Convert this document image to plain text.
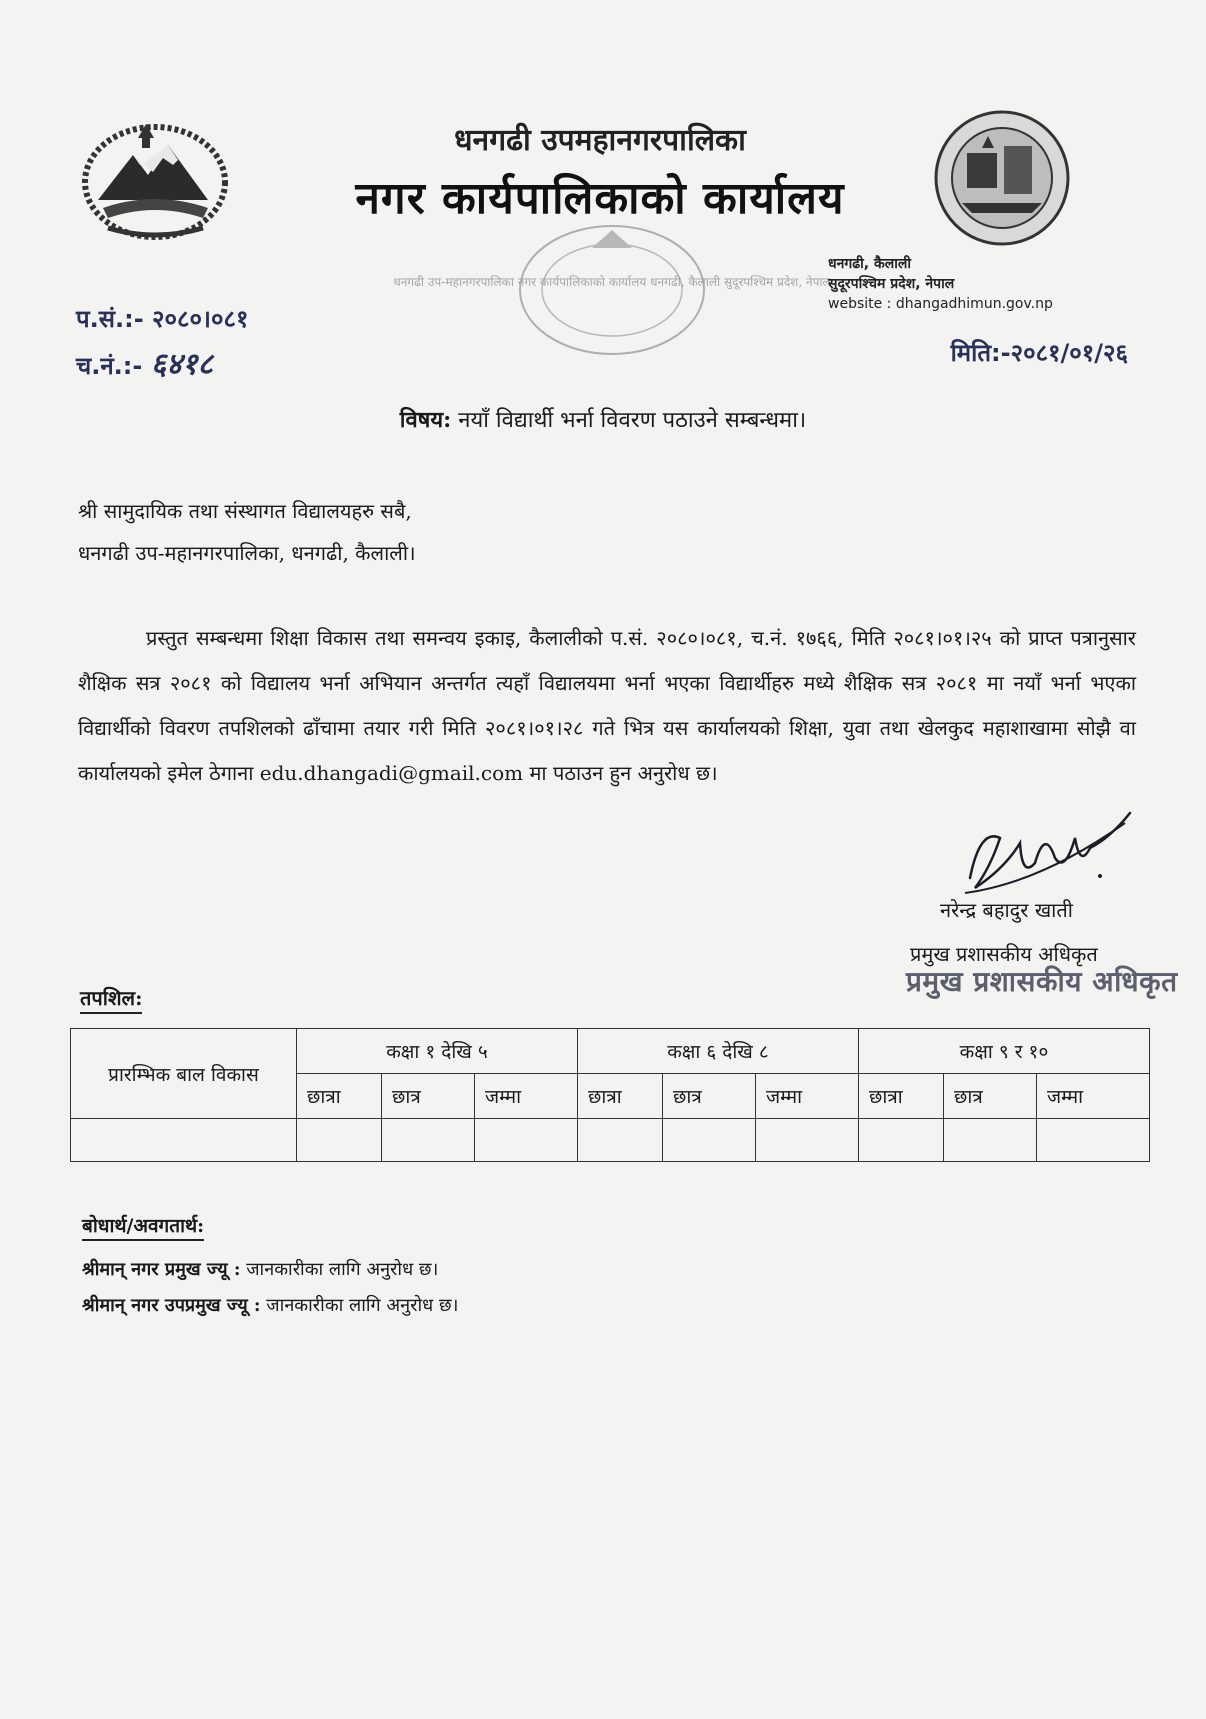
धनगढी उपमहानगरपालिका
नगर कार्यपालिकाको कार्यालय
धनगढी उप-महानगरपालिका नगर कार्यपालिकाको कार्यालय धनगढी, कैलाली सुदूरपश्चिम प्रदेश, नेपाल
धनगढी, कैलाली
सुदूरपश्चिम प्रदेश, नेपाल
website : dhangadhimun.gov.np
प.सं.:- २०८०।०८१
च.नं.:- ६४१८	मिति:-२०८१/०१/२६
विषय: नयाँ विद्यार्थी भर्ना विवरण पठाउने सम्बन्धमा।
श्री सामुदायिक तथा संस्थागत विद्यालयहरु सबै,
धनगढी उप-महानगरपालिका, धनगढी, कैलाली।
प्रस्तुत सम्बन्धमा शिक्षा विकास तथा समन्वय इकाइ, कैलालीको प.सं. २०८०।०८१, च.नं. १७६६, मिति २०८१।०१।२५ को प्राप्त पत्रानुसार शैक्षिक सत्र २०८१ को विद्यालय भर्ना अभियान अन्तर्गत त्यहाँ विद्यालयमा भर्ना भएका विद्यार्थीहरु मध्ये शैक्षिक सत्र २०८१ मा नयाँ भर्ना भएका विद्यार्थीको विवरण तपशिलको ढाँचामा तयार गरी मिति २०८१।०१।२८ गते भित्र यस कार्यालयको शिक्षा, युवा तथा खेलकुद महाशाखामा सोझै वा कार्यालयको इमेल ठेगाना edu.dhangadi@gmail.com मा पठाउन हुन अनुरोध छ।
नरेन्द्र बहादुर खाती
प्रमुख प्रशासकीय अधिकृत
प्रमुख प्रशासकीय अधिकृत
तपशिल:
प्रारम्भिक बाल विकास	कक्षा १ देखि ५			कक्षा ६ देखि ८			कक्षा ९ र १०		
	छात्रा	छात्र	जम्मा	छात्रा	छात्र	जम्मा	छात्रा	छात्र	जम्मा

बोधार्थ/अवगतार्थ:
श्रीमान् नगर प्रमुख ज्यू : जानकारीका लागि अनुरोध छ।
श्रीमान् नगर उपप्रमुख ज्यू : जानकारीका लागि अनुरोध छ।
